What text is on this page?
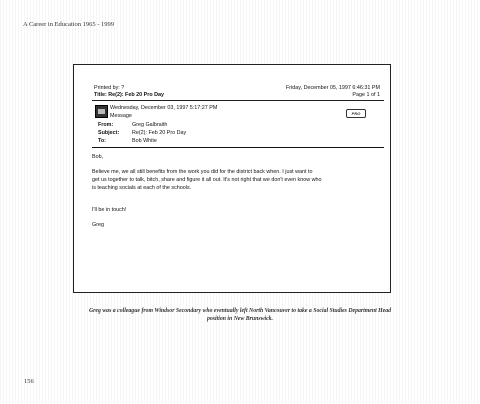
A Career in Education 1965 - 1999
Printed by: ?
Title: Re(2): Feb 20 Pro Day
Friday, December 05, 1997 6:46:31 PM
Page 1 of 1
Wednesday, December 03, 1997 5:17:27 PM
Message	PRO
From:	Greg Galbraith
Subject: Re(2): Feb 20 Pro Day
To:	Bob White
Bob,
Believe me, we all still benefits from the work you did for the district back when. I just want to
get us together to talk, bitch, share and figure it all out. It's not right that we don't even know who
is teaching socials at each of the schools.
I'll be in touch!
Greg
Greg was a colleague from Windsor Secondary who eventually left North Vancouver to take a Social Studies Department Head position in New Brunswick.
156
